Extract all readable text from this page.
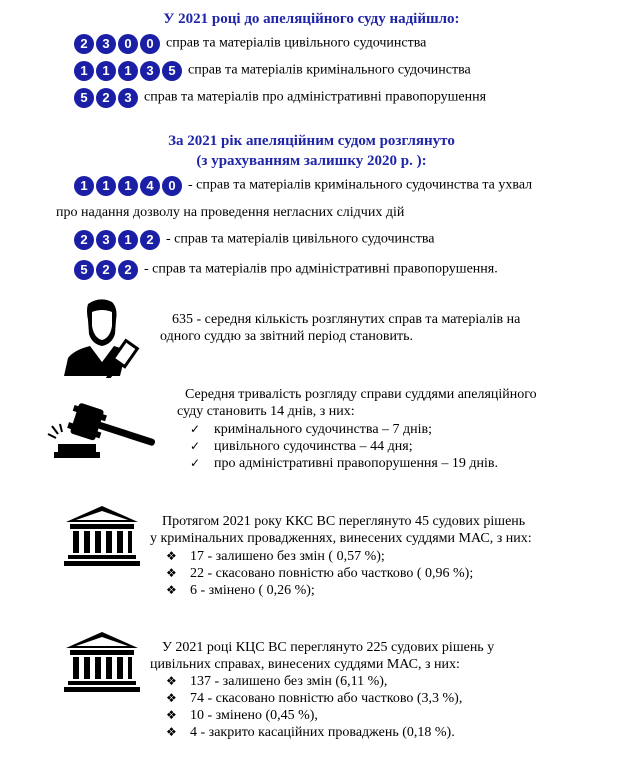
У 2021 році до апеляційного суду надійшло:
2	3	0	0 справ та матеріалів цивільного судочинства
1	1	1	3	5 справ та матеріалів кримінального судочинства
5	2	3 справ та матеріалів про адміністративні правопорушення
За 2021 рік апеляційним судом розглянуто
(з урахуванням залишку 2020 р. ):
1	1	1	4	0 - справ та матеріалів кримінального судочинства та ухвал
про надання дозволу на проведення негласних слідчих дій
2	3	1	2 - справ та матеріалів цивільного судочинства
5	2	2 - справ та матеріалів про адміністративні правопорушення.

635 - середня кількість розглянутих справ та матеріалів на

одного суддю за звітний період становить.

Середня тривалість розгляду справи суддями апеляційного

суду становить 14 днів, з них:

✓ кримінального судочинства – 7 днів;
✓ цивільного судочинства – 44 дня;
✓ про адміністративні правопорушення – 19 днів.

Протягом 2021 року ККС ВС переглянуто 45 судових рішень

у кримінальних провадженнях, винесених суддями МАС, з них:

❖ 17 - залишено без змін ( 0,57 %);
❖ 22 - скасовано повністю або частково ( 0,96 %);
❖ 6 - змінено ( 0,26 %);

У 2021 році КЦС ВС переглянуто 225 судових рішень у

цивільних справах, винесених суддями МАС, з них:

❖ 137 - залишено без змін (6,11 %),
❖ 74 - скасовано повністю або частково (3,3 %),
❖ 10 - змінено (0,45 %),
❖ 4 - закрито касаційних проваджень (0,18 %).
